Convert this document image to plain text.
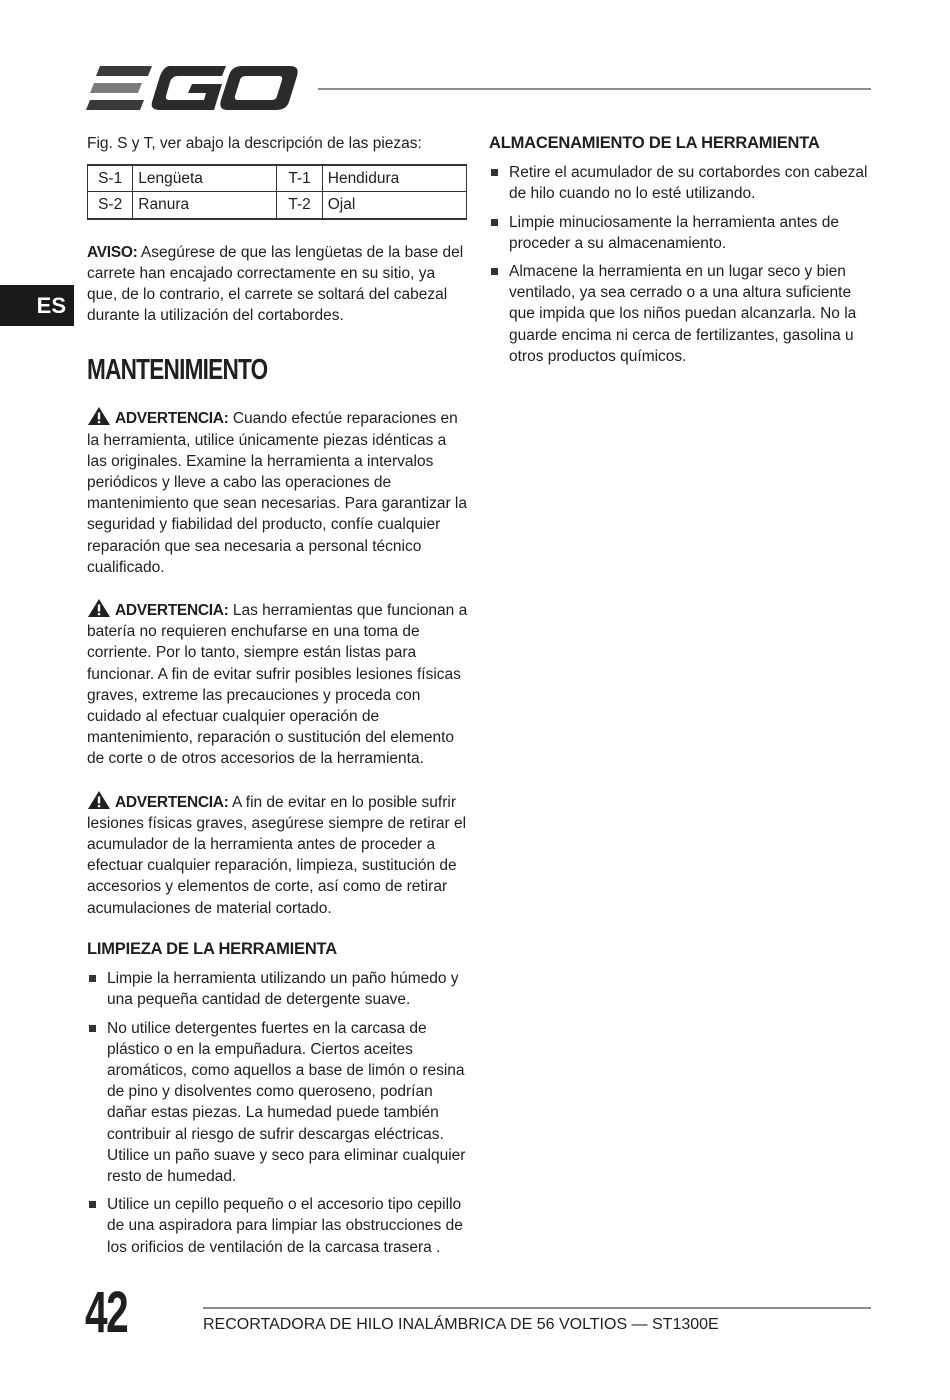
ES

Fig. S y T, ver abajo la descripción de las piezas:

S-1	Lengüeta	T-1	Hendidura
S-2	Ranura	T-2	Ojal

AVISO: Asegúrese de que las lengüetas de la base del carrete han encajado correctamente en su sitio, ya que, de lo contrario, el carrete se soltará del cabezal durante la utilización del cortabordes.

MANTENIMIENTO

ADVERTENCIA: Cuando efectúe reparaciones en la herramienta, utilice únicamente piezas idénticas a las originales. Examine la herramienta a intervalos periódicos y lleve a cabo las operaciones de mantenimiento que sean necesarias. Para garantizar la seguridad y fiabilidad del producto, confíe cualquier reparación que sea necesaria a personal técnico cualificado.

ADVERTENCIA: Las herramientas que funcionan a batería no requieren enchufarse en una toma de corriente. Por lo tanto, siempre están listas para funcionar. A fin de evitar sufrir posibles lesiones físicas graves, extreme las precauciones y proceda con cuidado al efectuar cualquier operación de mantenimiento, reparación o sustitución del elemento de corte o de otros accesorios de la herramienta.

ADVERTENCIA: A fin de evitar en lo posible sufrir lesiones físicas graves, asegúrese siempre de retirar el acumulador de la herramienta antes de proceder a efectuar cualquier reparación, limpieza, sustitución de accesorios y elementos de corte, así como de retirar acumulaciones de material cortado.

LIMPIEZA DE LA HERRAMIENTA
Limpie la herramienta utilizando un paño húmedo y una pequeña cantidad de detergente suave.
No utilice detergentes fuertes en la carcasa de plástico o en la empuñadura. Ciertos aceites aromáticos, como aquellos a base de limón o resina de pino y disolventes como queroseno, podrían dañar estas piezas. La humedad puede también contribuir al riesgo de sufrir descargas eléctricas. Utilice un paño suave y seco para eliminar cualquier resto de humedad.
Utilice un cepillo pequeño o el accesorio tipo cepillo de una aspiradora para limpiar las obstrucciones de los orificios de ventilación de la carcasa trasera .
ALMACENAMIENTO DE LA HERRAMIENTA
Retire el acumulador de su cortabordes con cabezal de hilo cuando no lo esté utilizando.
Limpie minuciosamente la herramienta antes de proceder a su almacenamiento.
Almacene la herramienta en un lugar seco y bien ventilado, ya sea cerrado o a una altura suficiente que impida que los niños puedan alcanzarla. No la guarde encima ni cerca de fertilizantes, gasolina u otros productos químicos.
42	RECORTADORA DE HILO INALÁMBRICA DE 56 VOLTIOS — ST1300E
